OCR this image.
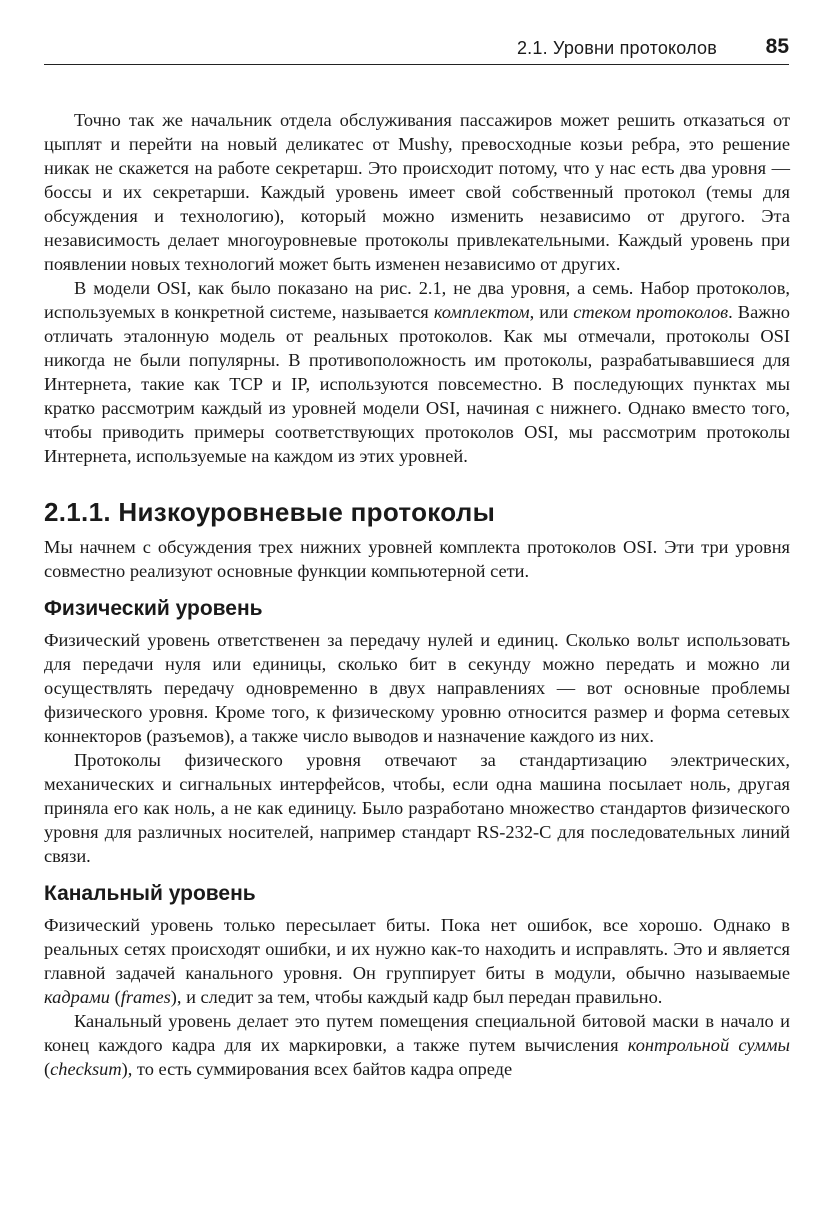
2.1. Уровни протоколов 85

Точно так же начальник отдела обслуживания пассажиров может решить отказаться от цыплят и перейти на новый деликатес от Mushy, превосходные козьи ребра, это решение никак не скажется на работе секретарш. Это происходит потому, что у нас есть два уровня — боссы и их секретарши. Каждый уровень имеет свой собственный протокол (темы для обсуждения и технологию), который можно изменить независимо от другого. Эта независимость делает многоуровневые протоколы привлекательными. Каждый уровень при появлении новых технологий может быть изменен независимо от других.

В модели OSI, как было показано на рис. 2.1, не два уровня, а семь. Набор протоколов, используемых в конкретной системе, называется комплектом, или стеком протоколов. Важно отличать эталонную модель от реальных протоколов. Как мы отмечали, протоколы OSI никогда не были популярны. В противоположность им протоколы, разрабатывавшиеся для Интернета, такие как TCP и IP, используются повсеместно. В последующих пунктах мы кратко рассмотрим каждый из уровней модели OSI, начиная с нижнего. Однако вместо того, чтобы приводить примеры соответствующих протоколов OSI, мы рассмотрим протоколы Интернета, используемые на каждом из этих уровней.

2.1.1. Низкоуровневые протоколы

Мы начнем с обсуждения трех нижних уровней комплекта протоколов OSI. Эти три уровня совместно реализуют основные функции компьютерной сети.

Физический уровень

Физический уровень ответственен за передачу нулей и единиц. Сколько вольт использовать для передачи нуля или единицы, сколько бит в секунду можно передать и можно ли осуществлять передачу одновременно в двух направлениях — вот основные проблемы физического уровня. Кроме того, к физическому уровню относится размер и форма сетевых коннекторов (разъемов), а также число выводов и назначение каждого из них.

Протоколы физического уровня отвечают за стандартизацию электрических, механических и сигнальных интерфейсов, чтобы, если одна машина посылает ноль, другая приняла его как ноль, а не как единицу. Было разработано множество стандартов физического уровня для различных носителей, например стандарт RS-232-C для последовательных линий связи.

Канальный уровень

Физический уровень только пересылает биты. Пока нет ошибок, все хорошо. Однако в реальных сетях происходят ошибки, и их нужно как-то находить и исправлять. Это и является главной задачей канального уровня. Он группирует биты в модули, обычно называемые кадрами (frames), и следит за тем, чтобы каждый кадр был передан правильно.

Канальный уровень делает это путем помещения специальной битовой маски в начало и конец каждого кадра для их маркировки, а также путем вычисления контрольной суммы (checksum), то есть суммирования всех байтов кадра опреде
